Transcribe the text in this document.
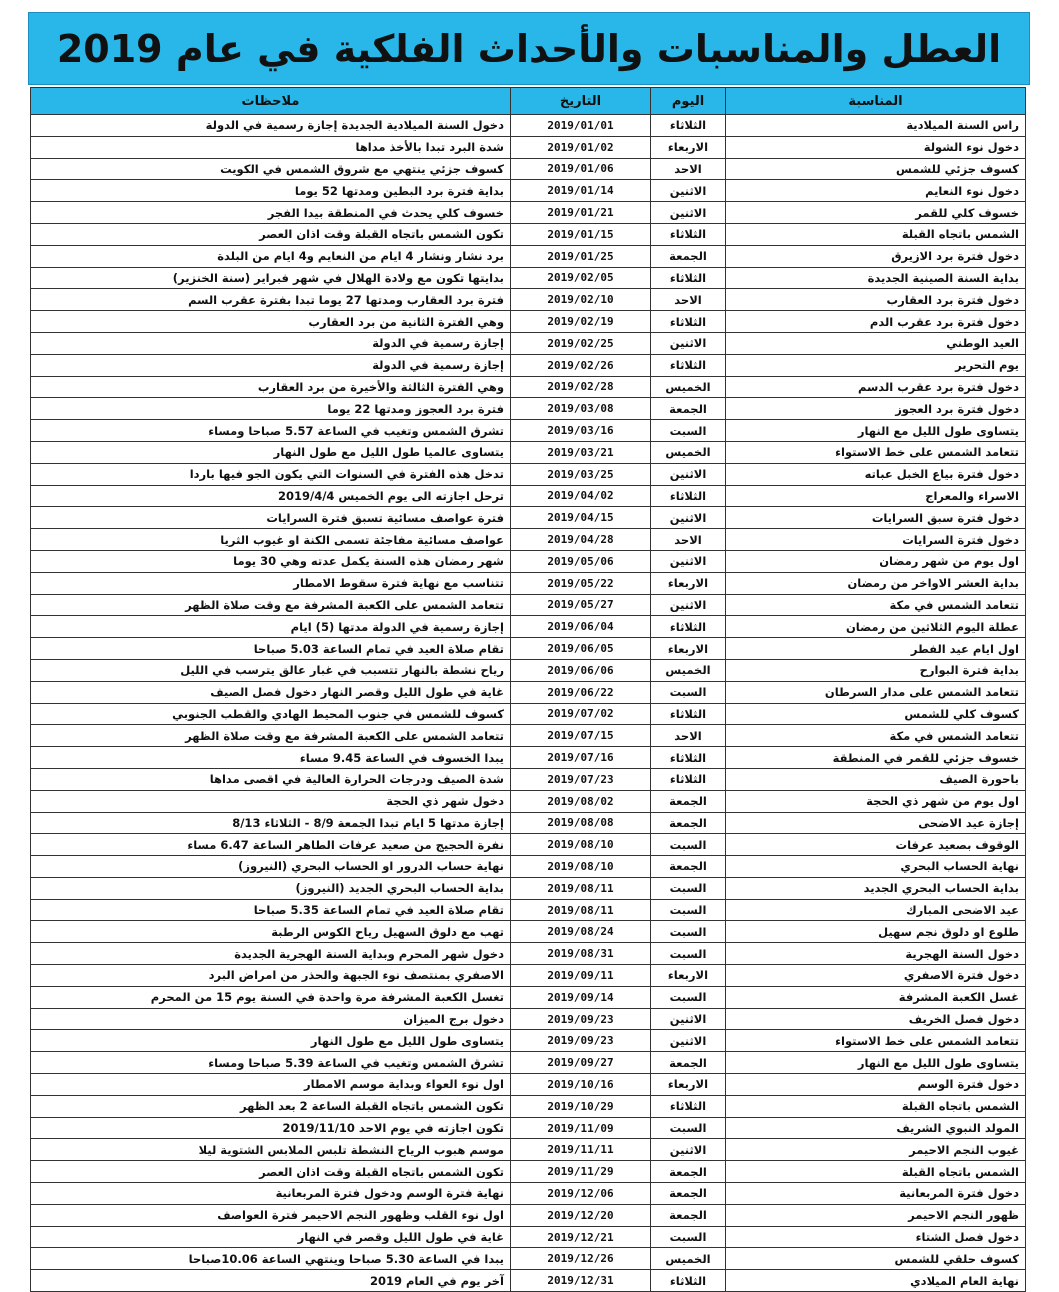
العطل والمناسبات والأحداث الفلكية في عام 2019
المناسبة	اليوم	التاريخ	ملاحظات
راس السنة الميلادية	الثلاثاء	2019/01/01	دخول السنة الميلادية الجديدة إجازة رسمية في الدولة
دخول نوء الشولة	الاربعاء	2019/01/02	شدة البرد تبدا بالأخذ مداها
كسوف جزئي للشمس	الاحد	2019/01/06	كسوف جزئي ينتهي مع شروق الشمس في الكويت
دخول نوء النعايم	الاثنين	2019/01/14	بداية فترة برد البطين ومدتها 52 يوما
خسوف كلي للقمر	الاثنين	2019/01/21	خسوف كلي يحدث في المنطقة بيدا الفجر
الشمس باتجاه القبلة	الثلاثاء	2019/01/15	تكون الشمس باتجاه القبلة وقت اذان العصر
دخول فترة برد الازيرق	الجمعة	2019/01/25	برد نشار ونشار 4 ايام من النعايم و4 ايام من البلدة
بداية السنة الصينية الجديدة	الثلاثاء	2019/02/05	بدايتها تكون مع ولادة الهلال في شهر فبراير (سنة الخنزير)
دخول فترة برد العقارب	الاحد	2019/02/10	فترة برد العقارب ومدتها 27 يوما تبدا بفترة عقرب السم
دخول فترة برد عقرب الدم	الثلاثاء	2019/02/19	وهي الفترة الثانية من برد العقارب
العيد الوطني	الاثنين	2019/02/25	إجازة رسمية في الدولة
يوم التحرير	الثلاثاء	2019/02/26	إجازة رسمية في الدولة
دخول فترة برد عقرب الدسم	الخميس	2019/02/28	وهي الفترة الثالثة والأخيرة من برد العقارب
دخول فترة برد العجوز	الجمعة	2019/03/08	فترة برد العجوز ومدتها 22 يوما
يتساوى طول الليل مع النهار	السبت	2019/03/16	تشرق الشمس وتغيب في الساعة 5.57 صباحا ومساء
تتعامد الشمس على خط الاستواء	الخميس	2019/03/21	يتساوى عالميا طول الليل مع طول النهار
دخول فترة بياع الخبل عباته	الاثنين	2019/03/25	تدخل هذه الفترة في السنوات التي يكون الجو فيها باردا
الاسراء والمعراج	الثلاثاء	2019/04/02	ترحل اجازته الى يوم الخميس 2019/4/4
دخول فترة سبق السرايات	الاثنين	2019/04/15	فترة عواصف مسائية تسبق فترة السرايات
دخول فترة السرايات	الاحد	2019/04/28	عواصف مسائية مفاجئة تسمى الكنة او غيوب الثريا
اول يوم من شهر رمضان	الاثنين	2019/05/06	شهر رمضان هذه السنة يكمل عدته وهي 30 يوما
بداية العشر الاواخر من رمضان	الاربعاء	2019/05/22	تتناسب مع نهاية فترة سقوط الامطار
تتعامد الشمس في مكة	الاثنين	2019/05/27	تتعامد الشمس على الكعبة المشرفة مع وقت صلاة الظهر
عطلة اليوم الثلاثين من رمضان	الثلاثاء	2019/06/04	إجازة رسمية في الدولة مدتها (5) ايام
اول ايام عيد الفطر	الاربعاء	2019/06/05	تقام صلاة العيد في تمام الساعة 5.03 صباحا
بداية فترة البوارح	الخميس	2019/06/06	رياح نشطة بالنهار تتسبب في غبار عالق يترسب في الليل
تتعامد الشمس على مدار السرطان	السبت	2019/06/22	غاية في طول الليل وقصر النهار دخول فصل الصيف
كسوف كلي للشمس	الثلاثاء	2019/07/02	كسوف للشمس في جنوب المحيط الهادي والقطب الجنوبي
تتعامد الشمس في مكة	الاحد	2019/07/15	تتعامد الشمس على الكعبة المشرفة مع وقت صلاة الظهر
خسوف جزئي للقمر في المنطقة	الثلاثاء	2019/07/16	يبدا الخسوف في الساعة 9.45 مساء
باحورة الصيف	الثلاثاء	2019/07/23	شدة الصيف ودرجات الحرارة العالية في اقصى مداها
اول يوم من شهر ذي الحجة	الجمعة	2019/08/02	دخول شهر ذي الحجة
إجازة عيد الاضحى	الجمعة	2019/08/08	إجازة مدتها 5 ايام تبدا الجمعة 8/9 - الثلاثاء 8/13
الوقوف بصعيد عرفات	السبت	2019/08/10	نفرة الحجيج من صعيد عرفات الطاهر الساعة 6.47 مساء
نهاية الحساب البحري	الجمعة	2019/08/10	نهاية حساب الدرور او الحساب البحري (النيروز)
بداية الحساب البحري الجديد	السبت	2019/08/11	بداية الحساب البحري الجديد (النيروز)
عيد الاضحى المبارك	السبت	2019/08/11	تقام صلاة العيد في تمام الساعة 5.35 صباحا
طلوع او دلوق نجم سهيل	السبت	2019/08/24	تهب مع دلوق السهيل رياح الكوس الرطبة
دخول السنة الهجرية	السبت	2019/08/31	دخول شهر المحرم وبداية السنة الهجرية الجديدة
دخول فترة الاصفري	الاربعاء	2019/09/11	الاصفري بمنتصف نوء الجبهة والحذر من امراض البرد
غسل الكعبة المشرفة	السبت	2019/09/14	تغسل الكعبة المشرفة مرة واحدة في السنة يوم 15 من المحرم
دخول فصل الخريف	الاثنين	2019/09/23	دخول برج الميزان
تتعامد الشمس على خط الاستواء	الاثنين	2019/09/23	يتساوى طول الليل مع طول النهار
يتساوى طول الليل مع النهار	الجمعة	2019/09/27	تشرق الشمس وتغيب في الساعة 5.39 صباحا ومساء
دخول فترة الوسم	الاربعاء	2019/10/16	اول نوء العواء وبداية موسم الامطار
الشمس باتجاه القبلة	الثلاثاء	2019/10/29	تكون الشمس باتجاه القبلة الساعة 2 بعد الظهر
المولد النبوي الشريف	السبت	2019/11/09	تكون اجازته في يوم الاحد 2019/11/10
غيوب النجم الاحيمر	الاثنين	2019/11/11	موسم هبوب الرياح النشطة تلبس الملابس الشتوية ليلا
الشمس باتجاه القبلة	الجمعة	2019/11/29	تكون الشمس باتجاه القبلة وقت اذان العصر
دخول فترة المربعانية	الجمعة	2019/12/06	نهاية فترة الوسم ودخول فترة المربعانية
ظهور النجم الاحيمر	الجمعة	2019/12/20	اول نوء القلب وظهور النجم الاحيمر فترة العواصف
دخول فصل الشتاء	السبت	2019/12/21	غاية في طول الليل وقصر في النهار
كسوف حلقي للشمس	الخميس	2019/12/26	يبدا في الساعة 5.30 صباحا وينتهي الساعة 10.06صباحا
نهاية العام الميلادي	الثلاثاء	2019/12/31	آخر يوم في العام 2019
